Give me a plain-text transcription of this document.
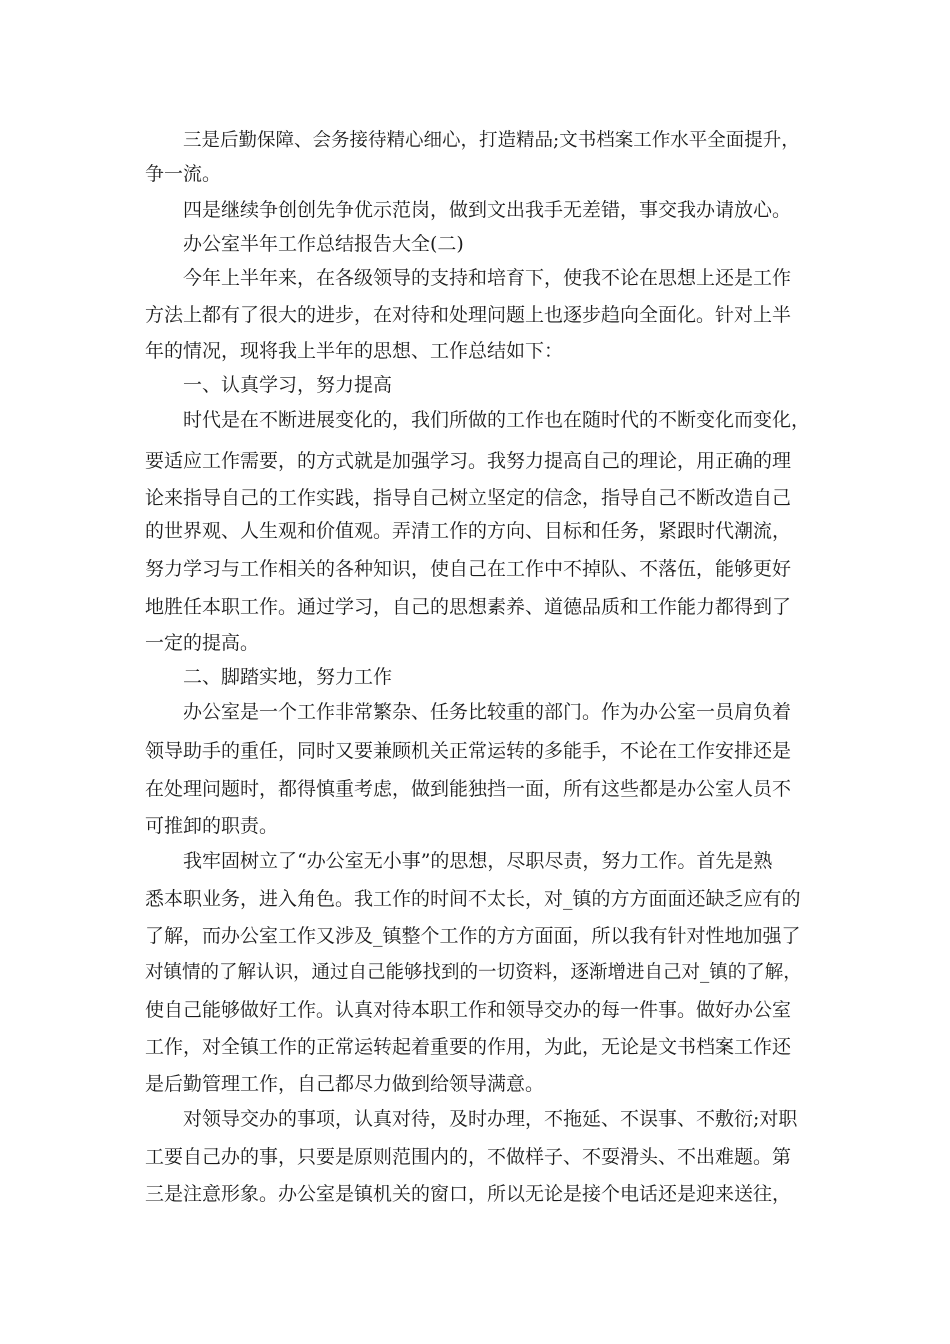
三是后勤保障、会务接待精心细心，打造精品;文书档案工作水平全面提升，
争一流。
四是继续争创创先争优示范岗，做到文出我手无差错，事交我办请放心。
办公室半年工作总结报告大全(二)
今年上半年来，在各级领导的支持和培育下，使我不论在思想上还是工作
方法上都有了很大的进步，在对待和处理问题上也逐步趋向全面化。针对上半
年的情况，现将我上半年的思想、工作总结如下：
一、认真学习，努力提高
时代是在不断进展变化的，我们所做的工作也在随时代的不断变化而变化，
要适应工作需要，的方式就是加强学习。我努力提高自己的理论，用正确的理
论来指导自己的工作实践，指导自己树立坚定的信念，指导自己不断改造自己
的世界观、人生观和价值观。弄清工作的方向、目标和任务，紧跟时代潮流，
努力学习与工作相关的各种知识，使自己在工作中不掉队、不落伍，能够更好
地胜任本职工作。通过学习，自己的思想素养、道德品质和工作能力都得到了
一定的提高。
二、脚踏实地，努力工作
办公室是一个工作非常繁杂、任务比较重的部门。作为办公室一员肩负着
领导助手的重任，同时又要兼顾机关正常运转的多能手，不论在工作安排还是
在处理问题时，都得慎重考虑，做到能独挡一面，所有这些都是办公室人员不
可推卸的职责。
我牢固树立了“办公室无小事”的思想，尽职尽责，努力工作。首先是熟
悉本职业务，进入角色。我工作的时间不太长，对_镇的方方面面还缺乏应有的
了解，而办公室工作又涉及_镇整个工作的方方面面，所以我有针对性地加强了
对镇情的了解认识，通过自己能够找到的一切资料，逐渐增进自己对_镇的了解，
使自己能够做好工作。认真对待本职工作和领导交办的每一件事。做好办公室
工作，对全镇工作的正常运转起着重要的作用，为此，无论是文书档案工作还
是后勤管理工作，自己都尽力做到给领导满意。
对领导交办的事项，认真对待，及时办理，不拖延、不误事、不敷衍;对职
工要自己办的事，只要是原则范围内的，不做样子、不耍滑头、不出难题。第
三是注意形象。办公室是镇机关的窗口，所以无论是接个电话还是迎来送往，
